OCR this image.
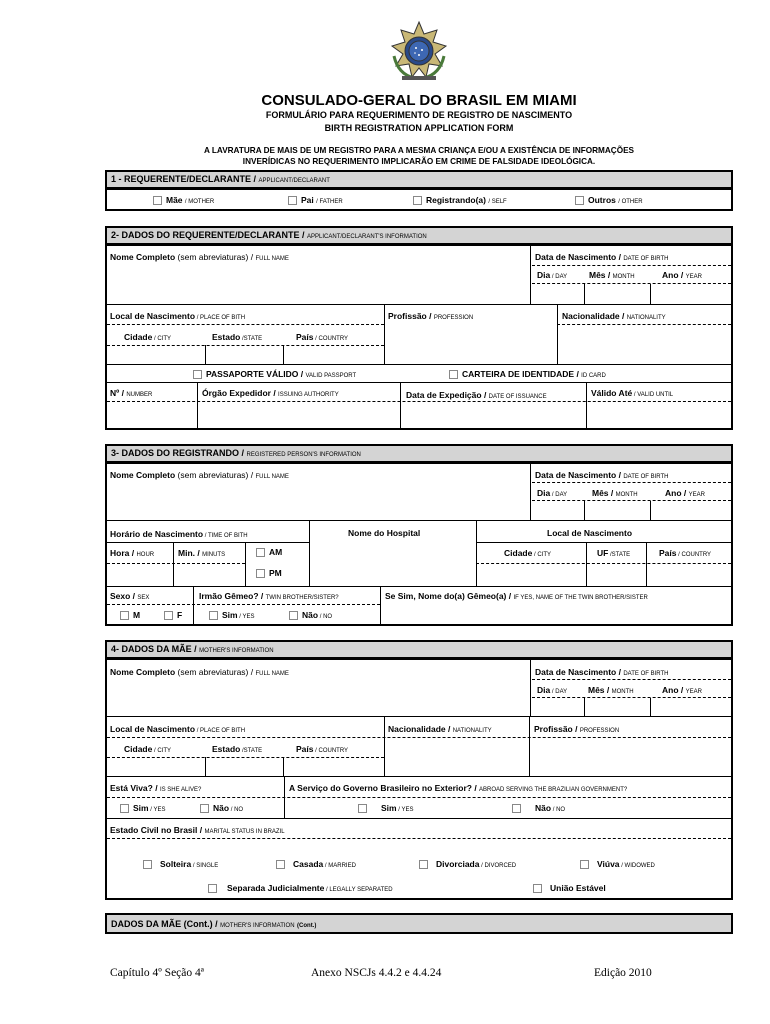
CONSULADO-GERAL DO BRASIL EM MIAMI
FORMULÁRIO PARA REQUERIMENTO DE REGISTRO DE NASCIMENTO
BIRTH REGISTRATION APPLICATION FORM
A LAVRATURA DE MAIS DE UM REGISTRO PARA A MESMA CRIANÇA E/OU A EXISTÊNCIA DE INFORMAÇÕES
INVERÍDICAS NO REQUERIMENTO IMPLICARÃO EM CRIME DE FALSIDADE IDEOLÓGICA.
1 - REQUERENTE/DECLARANTE / APPLICANT/DECLARANT
Mãe / MOTHER	Pai / FATHER	Registrando(a) / SELF	Outros / OTHER
2- DADOS DO REQUERENTE/DECLARANTE / APPLICANT/DECLARANT'S INFORMATION
Nome Completo (sem abreviaturas) / FULL NAME	Data de Nascimento / DATE OF BIRTH
Dia / DAY	Mês / MONTH	Ano / YEAR
Local de Nascimento / PLACE OF BITH	Profissão / PROFESSION	Nacionalidade / NATIONALITY
Cidade / CITY	Estado /STATE	País / COUNTRY
PASSAPORTE VÁLIDO / VALID PASSPORT	CARTEIRA DE IDENTIDADE / ID CARD
Nº / NUMBER	Órgão Expedidor / ISSUING AUTHORITY	Data de Expedição / DATE OF ISSUANCE	Válido Até / VALID UNTIL
3- DADOS DO REGISTRANDO / REGISTERED PERSON'S INFORMATION
Nome Completo (sem abreviaturas) / FULL NAME	Data de Nascimento / DATE OF BIRTH
Dia / DAY	Mês / MONTH	Ano / YEAR
Horário de Nascimento / TIME OF BITH	Nome do Hospital	Local de Nascimento
Hora / HOUR	Min. / MINUTS	AM
PM
Cidade / CITY	UF /STATE	País / COUNTRY
Sexo / SEX	Irmão Gêmeo? / TWIN BROTHER/SISTER?	Se Sim, Nome do(a) Gêmeo(a) / IF YES, NAME OF THE TWIN BROTHER/SISTER
M	F	Sim / YES	Não / NO
4- DADOS DA MÃE / MOTHER'S INFORMATION
Nome Completo (sem abreviaturas) / FULL NAME	Data de Nascimento / DATE OF BIRTH
Dia / DAY Mês / MONTH	Ano / YEAR
Local de Nascimento / PLACE OF BITH	Nacionalidade / NATIONALITY	Profissão / PROFESSION
Cidade / CITY	Estado /STATE	País / COUNTRY
Está Viva? / IS SHE ALIVE?	A Serviço do Governo Brasileiro no Exterior? / ABROAD SERVING THE BRAZILIAN GOVERNMENT?
Sim / YES	Não / NO	Sim / YES	Não / NO
Estado Civil no Brasil / MARITAL STATUS IN BRAZIL
Solteira / SINGLE	Casada / MARRIED	Divorciada / DIVORCED	Viúva / WIDOWED
Separada Judicialmente / LEGALLY SEPARATED	União Estável
DADOS DA MÃE (Cont.) / MOTHER'S INFORMATION (Cont.)
Capítulo 4º Seção 4ª	Anexo NSCJs 4.4.2 e 4.4.24	Edição 2010
